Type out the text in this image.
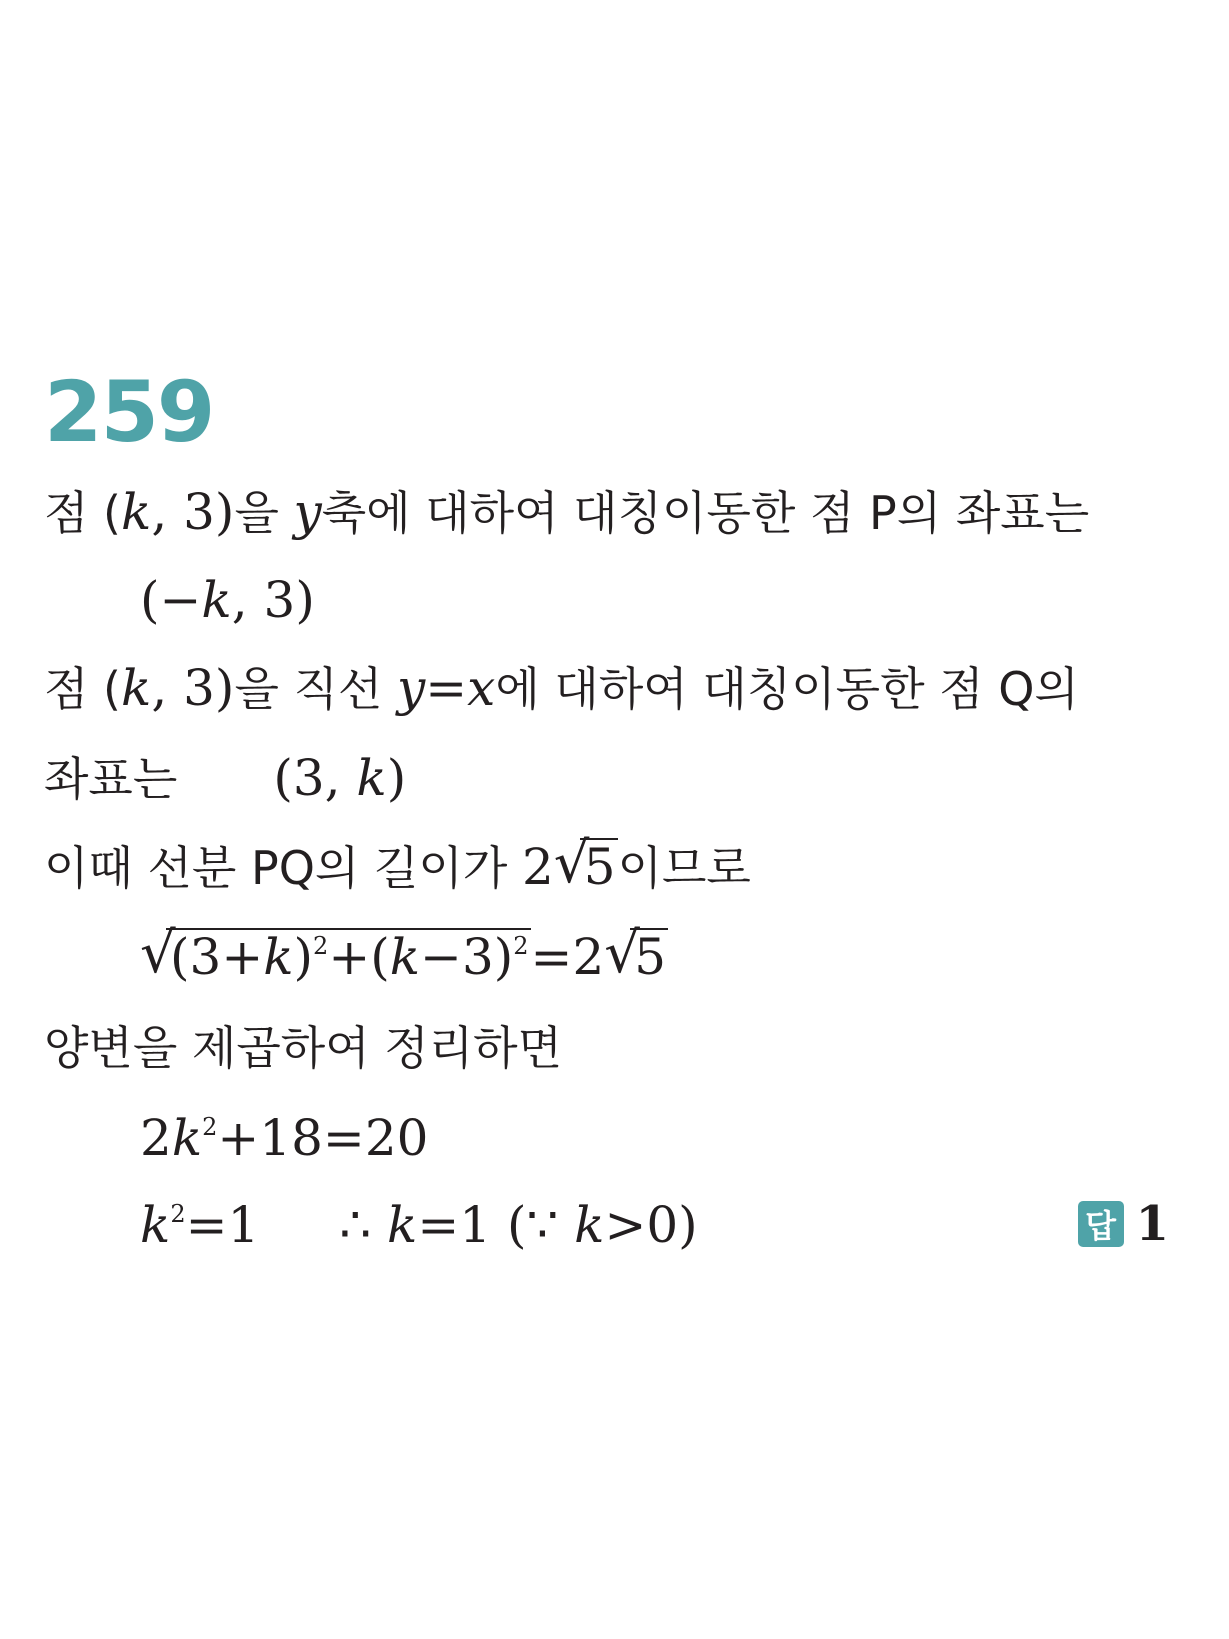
259
점 (k, 3)을 y축에 대하여 대칭이동한 점 P의 좌표는
(−k, 3)
점 (k, 3)을 직선 y=x에 대하여 대칭이동한 점 Q의
좌표는 (3, k)
이때 선분 PQ의 길이가 2 √
5이므로
√
$(3+k)^2+(k-3)^2=2$ √
5
양변을 제곱하여 정리하면
$2k^2+18=20$
$k^2=1$ ∴ k=1 (∵ k>0)	답 1
